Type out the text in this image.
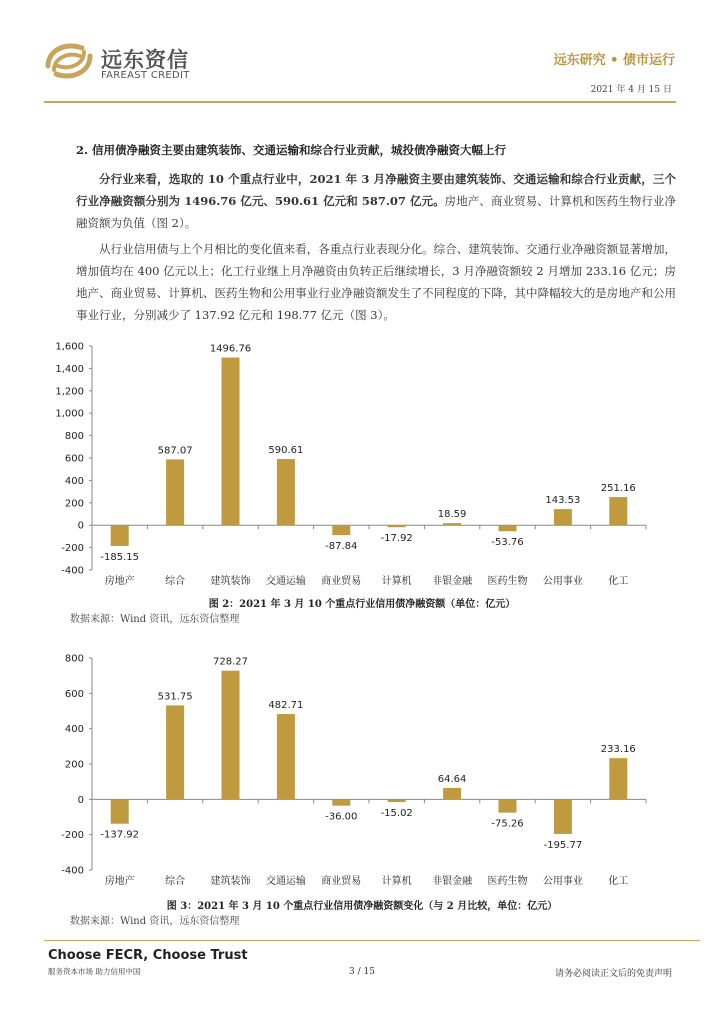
远东资信
FAREAST CREDIT
远东研究 • 债市运行
2021 年 4 月 15 日
2. 信用债净融资主要由建筑装饰、交通运输和综合行业贡献，城投债净融资大幅上行
分行业来看，选取的 10 个重点行业中，2021 年 3 月净融资主要由建筑装饰、交通运输和综合行业贡献，三个行业净融资额分别为 1496.76 亿元、590.61 亿元和 587.07 亿元。房地产、商业贸易、计算机和医药生物行业净融资额为负值（图 2）。
从行业信用债与上个月相比的变化值来看，各重点行业表现分化。综合、建筑装饰、交通行业净融资额显著增加，增加值均在 400 亿元以上；化工行业继上月净融资由负转正后继续增长，3 月净融资额较 2 月增加 233.16 亿元；房地产、商业贸易、计算机、医药生物和公用事业行业净融资额发生了不同程度的下降，其中降幅较大的是房地产和公用事业行业，分别减少了 137.92 亿元和 198.77 亿元（图 3）。
-400
-200
0
200
400
600
800
1,000
1,200
1,400
1,600
-185.15
房地产
587.07
综合
1496.76
建筑装饰
590.61
交通运输
-87.84
商业贸易
-17.92
计算机
18.59
非银金融
-53.76
医药生物
143.53
公用事业
251.16
化工
图 2：2021 年 3 月 10 个重点行业信用债净融资额（单位：亿元）
数据来源：Wind 资讯，远东资信整理
-400
-200
0
200
400
600
800
-137.92
房地产
531.75
综合
728.27
建筑装饰
482.71
交通运输
-36.00
商业贸易
-15.02
计算机
64.64
非银金融
-75.26
医药生物
-195.77
公用事业
233.16
化工
图 3：2021 年 3 月 10 个重点行业信用债净融资额变化（与 2 月比较，单位：亿元）
数据来源：Wind 资讯，远东资信整理
Choose FECR, Choose Trust
服务资本市场 助力信用中国	3 / 15	请务必阅读正文后的免责声明
